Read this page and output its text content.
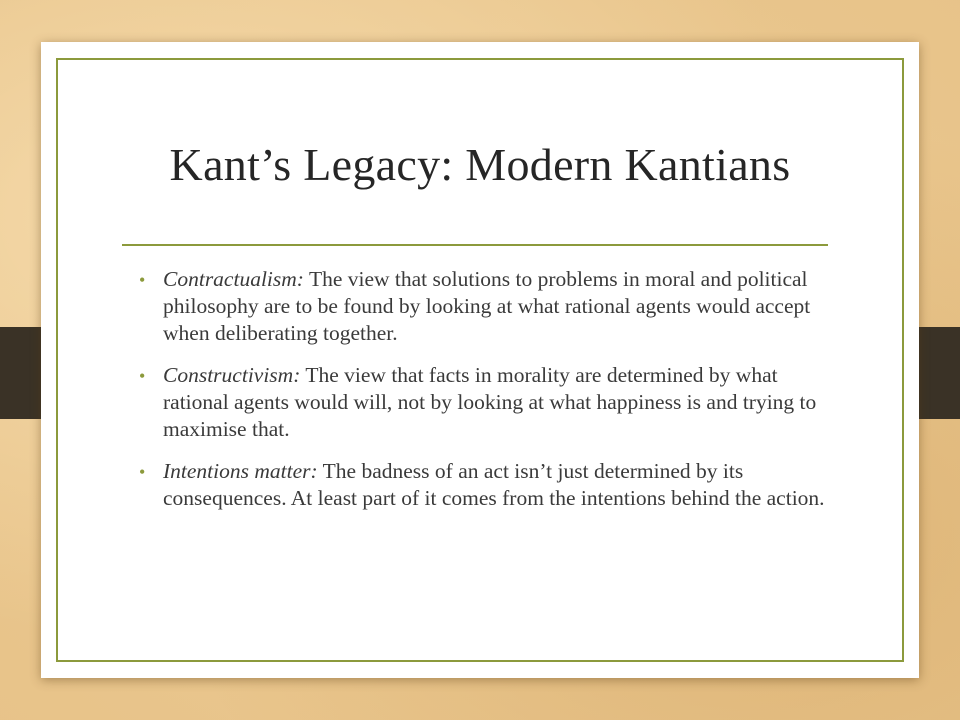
Kant’s Legacy: Modern Kantians
• Contractualism: The view that solutions to problems in moral and political philosophy are to be found by looking at what rational agents would accept when deliberating together.
• Constructivism: The view that facts in morality are determined by what rational agents would will, not by looking at what happiness is and trying to maximise that.
• Intentions matter: The badness of an act isn’t just determined by its consequences. At least part of it comes from the intentions behind the action.
